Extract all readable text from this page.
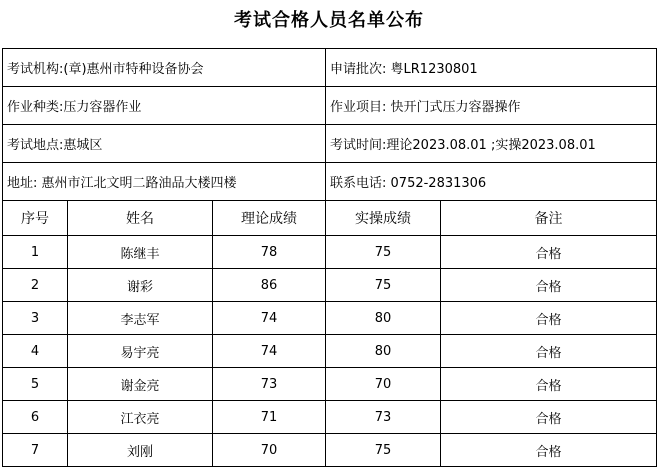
考试合格人员名单公布
考试机构:(章)惠州市特种设备协会			申请批次: 粤LR1230801	
作业种类:压力容器作业			作业项目: 快开门式压力容器操作	
考试地点:惠城区			考试时间:理论2023.08.01 ;实操2023.08.01	
地址: 惠州市江北文明二路油品大楼四楼			联系电话: 0752-2831306	
序号	姓名	理论成绩	实操成绩	备注
1	陈继丰	78	75	合格
2	谢彩	86	75	合格
3	李志军	74	80	合格
4	易宇亮	74	80	合格
5	谢金亮	73	70	合格
6	江衣亮	71	73	合格
7	刘刚	70	75	合格
